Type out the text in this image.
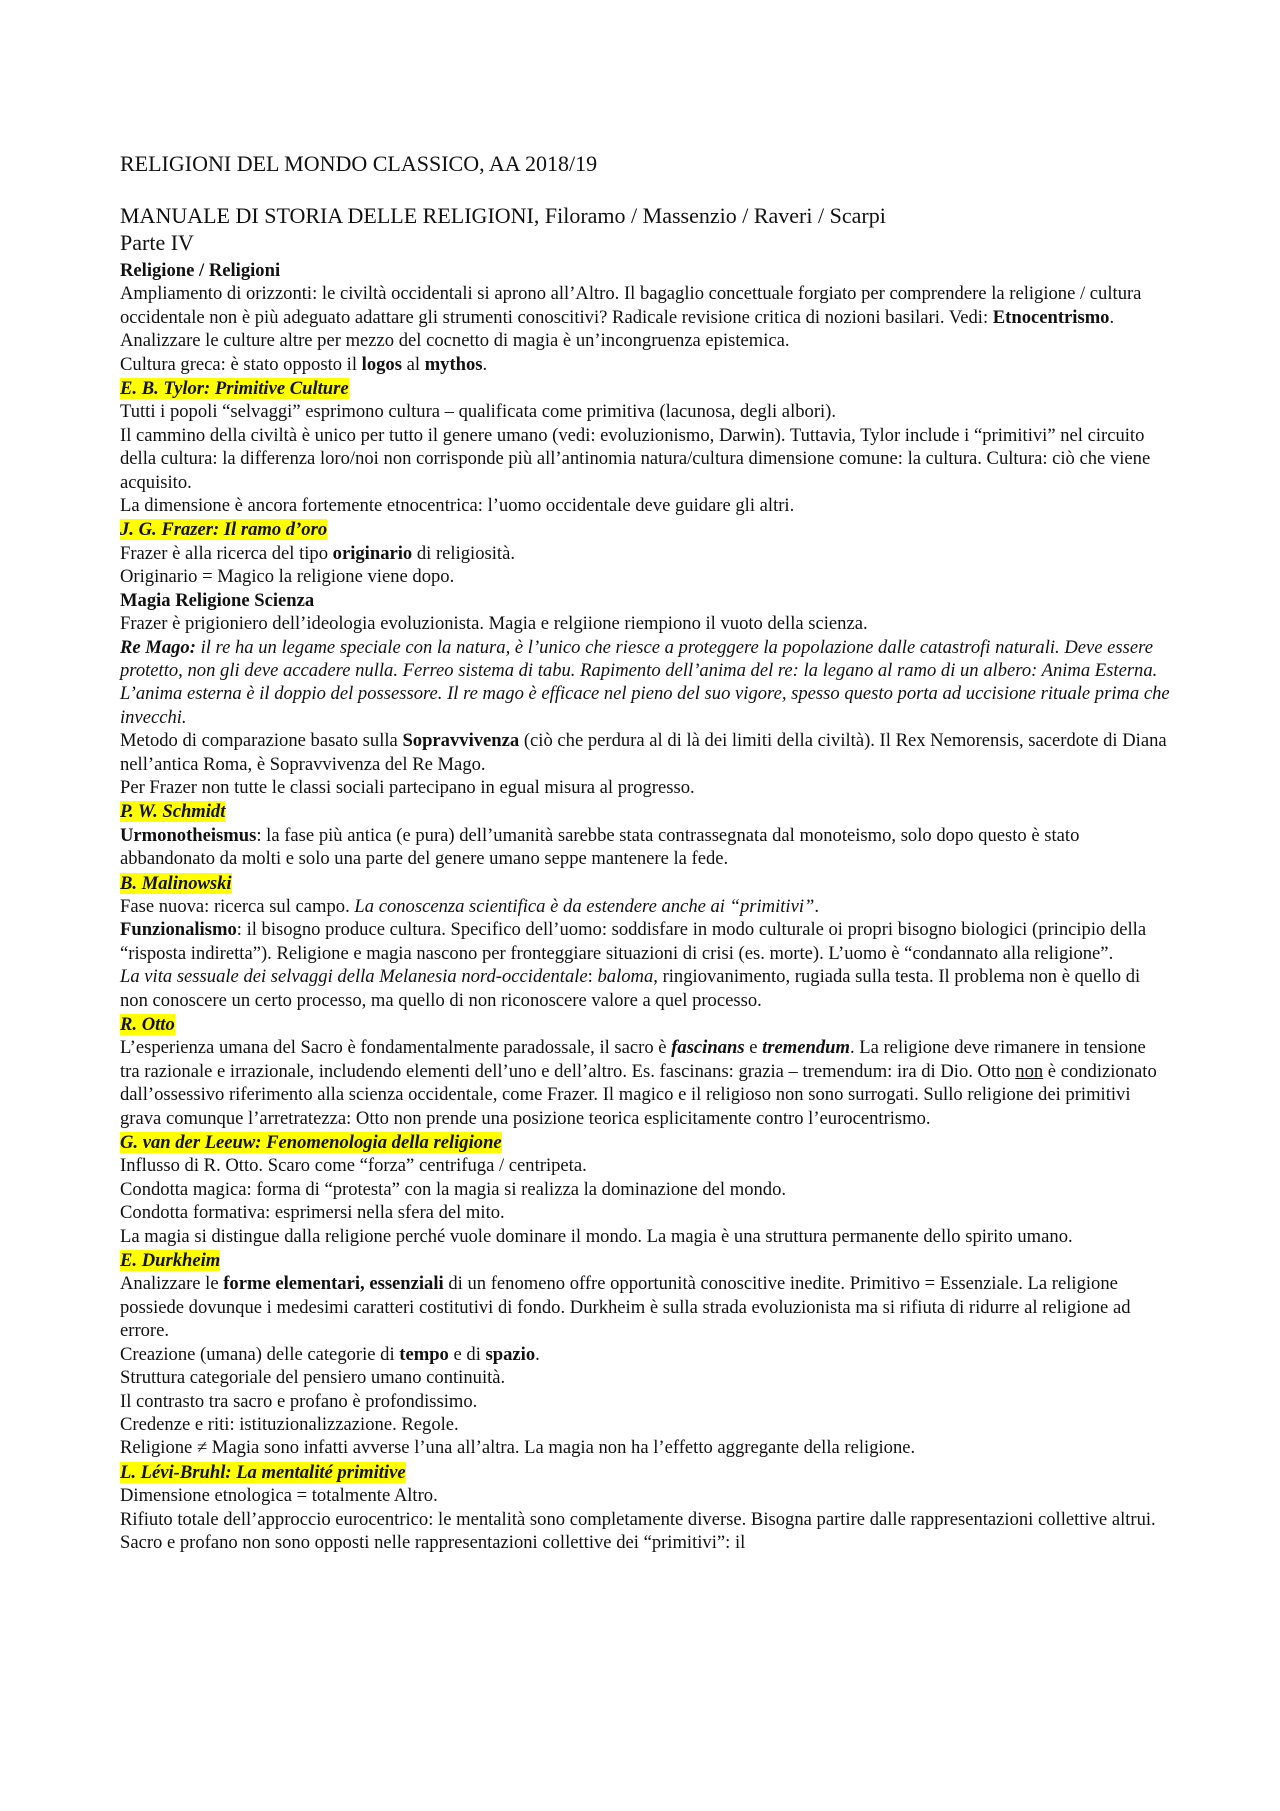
RELIGIONI DEL MONDO CLASSICO, AA 2018/19

MANUALE DI STORIA DELLE RELIGIONI, Filoramo / Massenzio / Raveri / Scarpi

Parte IV

Religione / Religioni

Ampliamento di orizzonti: le civiltà occidentali si aprono all’Altro. Il bagaglio concettuale forgiato per comprendere la religione / cultura occidentale non è più adeguato adattare gli strumenti conoscitivi? Radicale revisione critica di nozioni basilari. Vedi: Etnocentrismo. Analizzare le culture altre per mezzo del cocnetto di magia è un’incongruenza epistemica.

Cultura greca: è stato opposto il logos al mythos.

E. B. Tylor: Primitive Culture

Tutti i popoli “selvaggi” esprimono cultura – qualificata come primitiva (lacunosa, degli albori).

Il cammino della civiltà è unico per tutto il genere umano (vedi: evoluzionismo, Darwin). Tuttavia, Tylor include i “primitivi” nel circuito della cultura: la differenza loro/noi non corrisponde più all’antinomia natura/cultura dimensione comune: la cultura. Cultura: ciò che viene acquisito.

La dimensione è ancora fortemente etnocentrica: l’uomo occidentale deve guidare gli altri.

J. G. Frazer: Il ramo d’oro

Frazer è alla ricerca del tipo originario di religiosità.

Originario = Magico la religione viene dopo.

Magia Religione Scienza

Frazer è prigioniero dell’ideologia evoluzionista. Magia e relgiione riempiono il vuoto della scienza.

Re Mago: il re ha un legame speciale con la natura, è l’unico che riesce a proteggere la popolazione dalle catastrofi naturali. Deve essere protetto, non gli deve accadere nulla. Ferreo sistema di tabu. Rapimento dell’anima del re: la legano al ramo di un albero: Anima Esterna. L’anima esterna è il doppio del possessore. Il re mago è efficace nel pieno del suo vigore, spesso questo porta ad uccisione rituale prima che invecchi.

Metodo di comparazione basato sulla Sopravvivenza (ciò che perdura al di là dei limiti della civiltà). Il Rex Nemorensis, sacerdote di Diana nell’antica Roma, è Sopravvivenza del Re Mago.

Per Frazer non tutte le classi sociali partecipano in egual misura al progresso.

P. W. Schmidt

Urmonotheismus: la fase più antica (e pura) dell’umanità sarebbe stata contrassegnata dal monoteismo, solo dopo questo è stato abbandonato da molti e solo una parte del genere umano seppe mantenere la fede.

B. Malinowski

Fase nuova: ricerca sul campo. La conoscenza scientifica è da estendere anche ai “primitivi”.

Funzionalismo: il bisogno produce cultura. Specifico dell’uomo: soddisfare in modo culturale oi propri bisogno biologici (principio della “risposta indiretta”). Religione e magia nascono per fronteggiare situazioni di crisi (es. morte). L’uomo è “condannato alla religione”.

La vita sessuale dei selvaggi della Melanesia nord-occidentale: baloma, ringiovanimento, rugiada sulla testa. Il problema non è quello di non conoscere un certo processo, ma quello di non riconoscere valore a quel processo.

R. Otto

L’esperienza umana del Sacro è fondamentalmente paradossale, il sacro è fascinans e tremendum. La religione deve rimanere in tensione tra razionale e irrazionale, includendo elementi dell’uno e dell’altro. Es. fascinans: grazia – tremendum: ira di Dio. Otto non è condizionato dall’ossessivo riferimento alla scienza occidentale, come Frazer. Il magico e il religioso non sono surrogati. Sullo religione dei primitivi grava comunque l’arretratezza: Otto non prende una posizione teorica esplicitamente contro l’eurocentrismo.

G. van der Leeuw: Fenomenologia della religione

Influsso di R. Otto. Scaro come “forza” centrifuga / centripeta.

Condotta magica: forma di “protesta” con la magia si realizza la dominazione del mondo.

Condotta formativa: esprimersi nella sfera del mito.

La magia si distingue dalla religione perché vuole dominare il mondo. La magia è una struttura permanente dello spirito umano.

E. Durkheim

Analizzare le forme elementari, essenziali di un fenomeno offre opportunità conoscitive inedite. Primitivo = Essenziale. La religione possiede dovunque i medesimi caratteri costitutivi di fondo. Durkheim è sulla strada evoluzionista ma si rifiuta di ridurre al religione ad errore.

Creazione (umana) delle categorie di tempo e di spazio.

Struttura categoriale del pensiero umano continuità.

Il contrasto tra sacro e profano è profondissimo.

Credenze e riti: istituzionalizzazione. Regole.

Religione ≠ Magia sono infatti avverse l’una all’altra. La magia non ha l’effetto aggregante della religione.

L. Lévi-Bruhl: La mentalité primitive

Dimensione etnologica = totalmente Altro.

Rifiuto totale dell’approccio eurocentrico: le mentalità sono completamente diverse. Bisogna partire dalle rappresentazioni collettive altrui. Sacro e profano non sono opposti nelle rappresentazioni collettive dei “primitivi”: il
